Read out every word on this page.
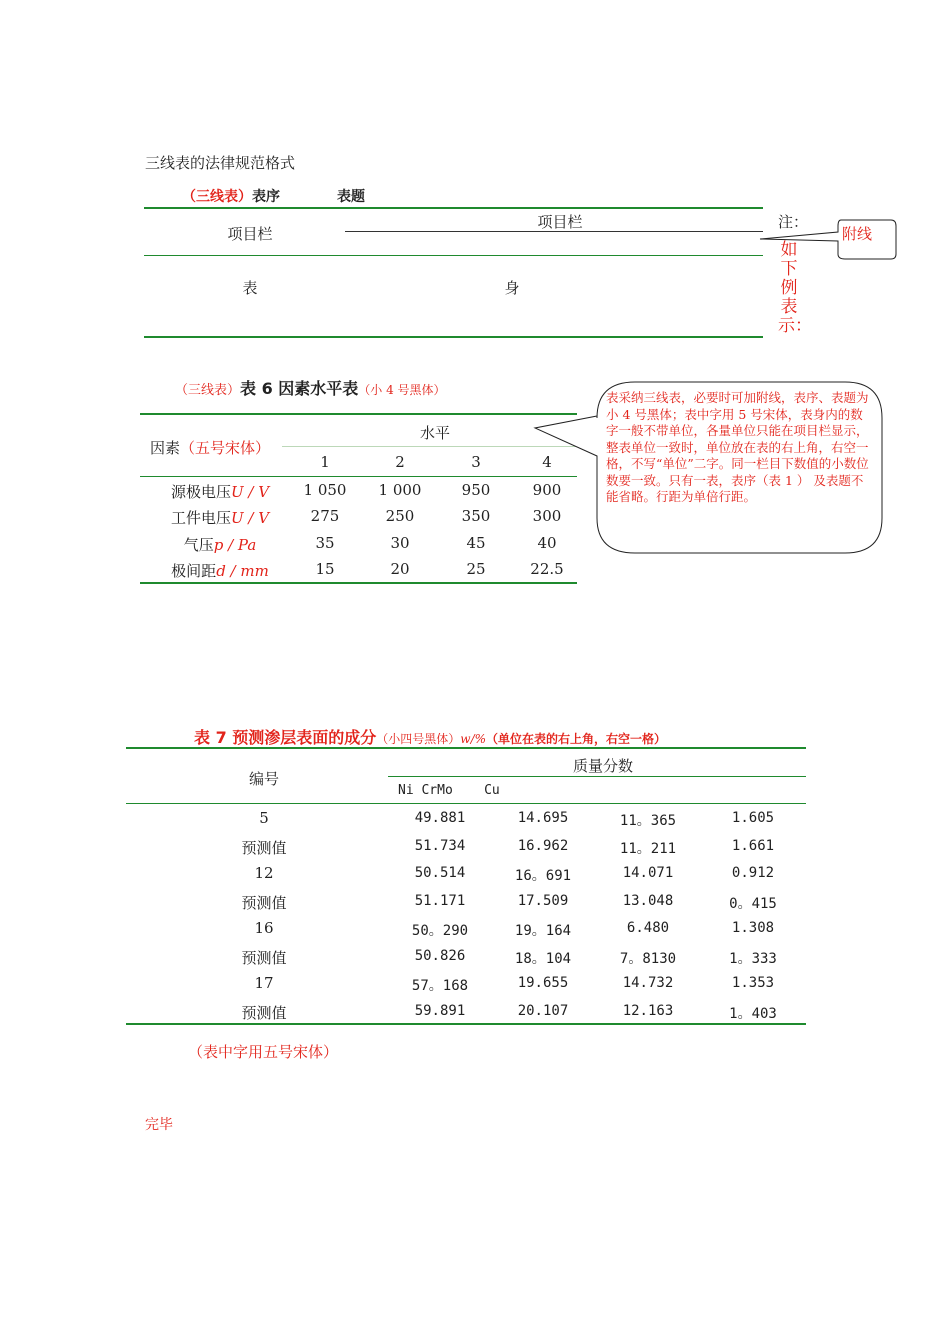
三线表的法律规范格式
（三线表）表序	表题
项目栏
项目栏
表	身
注：
如
下
例
表
示：
附线
（三线表）表 6 因素水平表（小 4 号黑体）
水平
因素（五号宋体）
1	2	3	4
源极电压U / V	1 050	1 000	950	900
工件电压U / V	275	250	350	300
气压p / Pa	35	30	45	40
极间距d / mm	15	20	25	22.5
表采纳三线表，必要时可加附线，表序、表题为小 4 号黑体；表中字用 5 号宋体，表身内的数字一般不带单位，各量单位只能在项目栏显示，整表单位一致时，单位放在表的右上角，右空一格，不写“单位”二字。同一栏目下数值的小数位数要一致。只有一表，表序（表 1 ） 及表题不能省略。行距为单倍行距。
表 7 预测渗层表面的成分（小四号黑体）w/%（单位在表的右上角，右空一格）
编号
质量分数
Ni CrMo    Cu
5	49.881	14.695	11。365	1.605
预测值	51.734	16.962	11。211	1.661
12	50.514	16。691	14.071	0.912
预测值	51.171	17.509	13.048	0。415
16	50。290	19。164	6.480	1.308
预测值	50.826	18。104	7。8130	1。333
17	57。168	19.655	14.732	1.353
预测值	59.891	20.107	12.163	1。403
（表中字用五号宋体）
完毕
